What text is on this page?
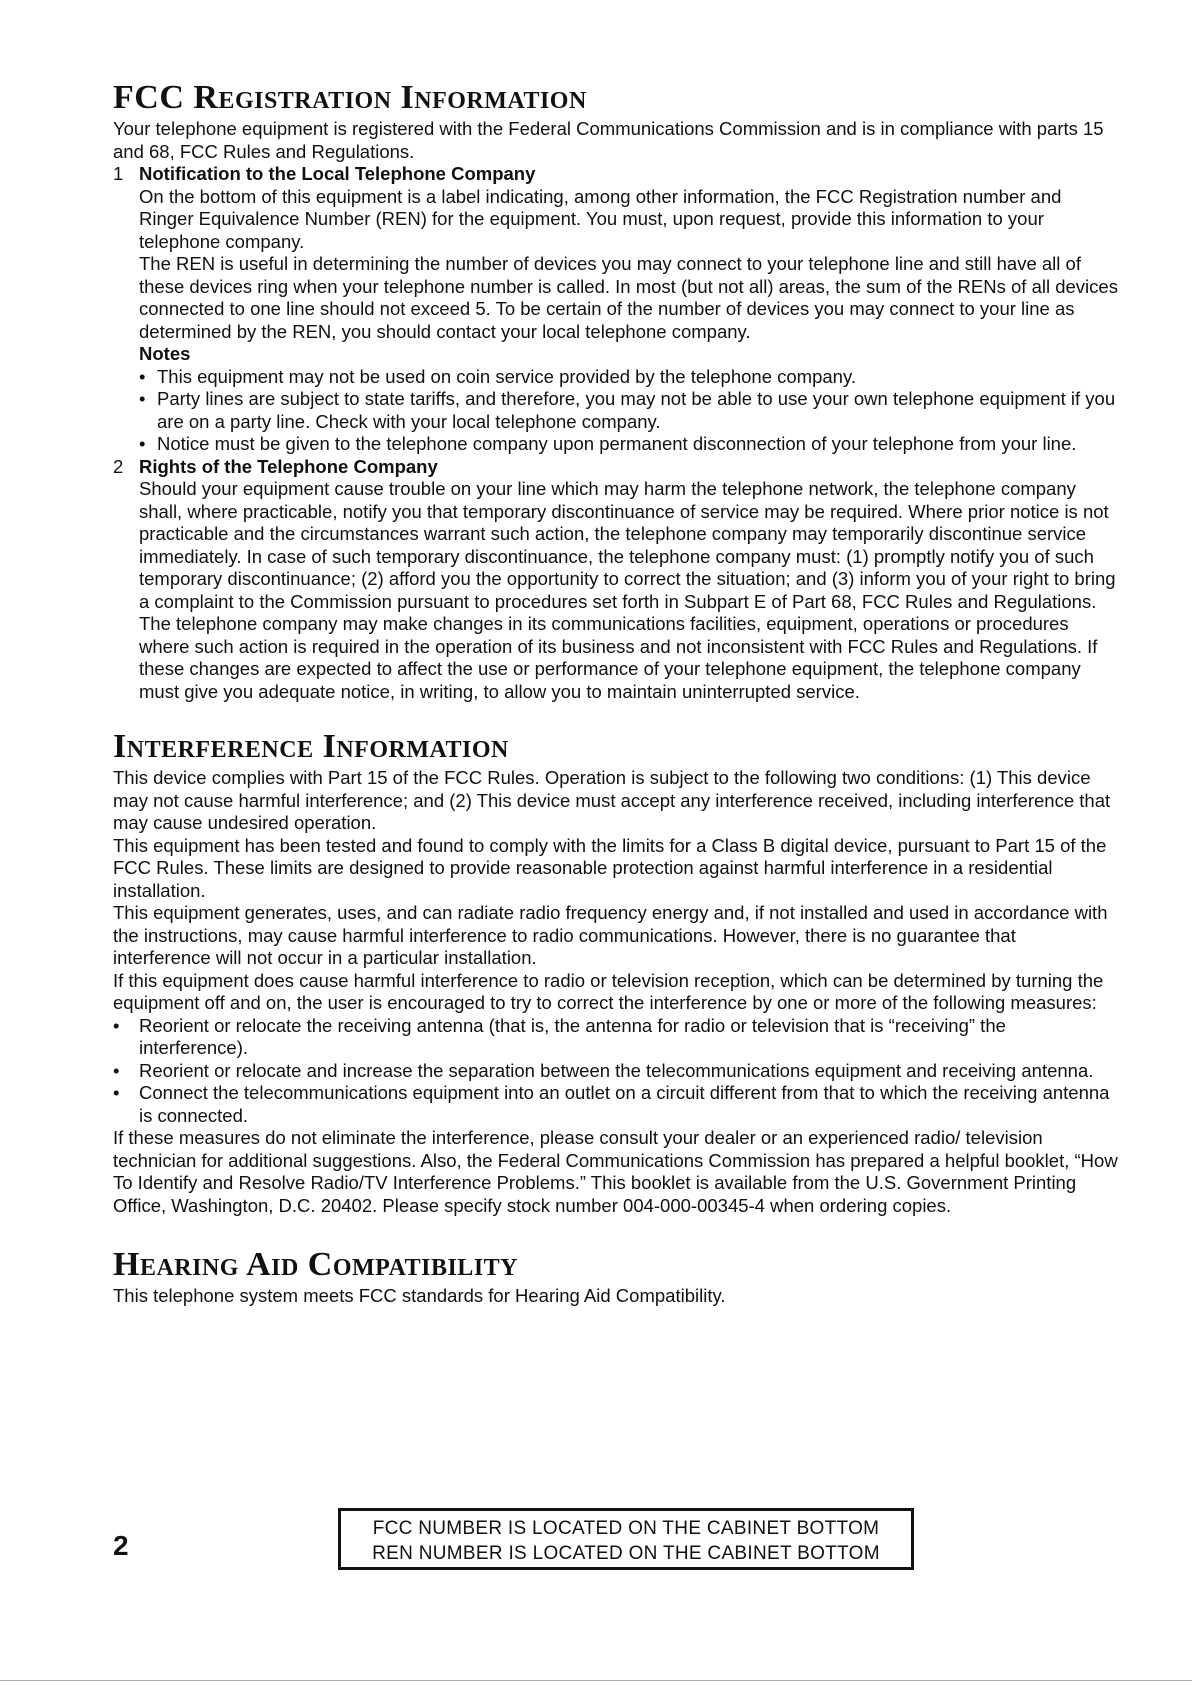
FCC Registration Information

Your telephone equipment is registered with the Federal Communications Commission and is in compliance with parts 15 and 68, FCC Rules and Regulations.

1 Notification to the Local Telephone Company

On the bottom of this equipment is a label indicating, among other information, the FCC Registration number and Ringer Equivalence Number (REN) for the equipment. You must, upon request, provide this information to your telephone company.

The REN is useful in determining the number of devices you may connect to your telephone line and still have all of these devices ring when your telephone number is called. In most (but not all) areas, the sum of the RENs of all devices connected to one line should not exceed 5. To be certain of the number of devices you may connect to your line as determined by the REN, you should contact your local telephone company.

Notes
• This equipment may not be used on coin service provided by the telephone company.
• Party lines are subject to state tariffs, and therefore, you may not be able to use your own telephone equipment if you are on a party line. Check with your local telephone company.
• Notice must be given to the telephone company upon permanent disconnection of your telephone from your line.
2 Rights of the Telephone Company

Should your equipment cause trouble on your line which may harm the telephone network, the telephone company shall, where practicable, notify you that temporary discontinuance of service may be required. Where prior notice is not practicable and the circumstances warrant such action, the telephone company may temporarily discontinue service immediately. In case of such temporary discontinuance, the telephone company must: (1) promptly notify you of such temporary discontinuance; (2) afford you the opportunity to correct the situation; and (3) inform you of your right to bring a complaint to the Commission pursuant to procedures set forth in Subpart E of Part 68, FCC Rules and Regulations.

The telephone company may make changes in its communications facilities, equipment, operations or procedures where such action is required in the operation of its business and not inconsistent with FCC Rules and Regulations. If these changes are expected to affect the use or performance of your telephone equipment, the telephone company must give you adequate notice, in writing, to allow you to maintain uninterrupted service.

Interference Information

This device complies with Part 15 of the FCC Rules. Operation is subject to the following two conditions: (1) This device may not cause harmful interference; and (2) This device must accept any interference received, including interference that may cause undesired operation.

This equipment has been tested and found to comply with the limits for a Class B digital device, pursuant to Part 15 of the FCC Rules. These limits are designed to provide reasonable protection against harmful interference in a residential installation.

This equipment generates, uses, and can radiate radio frequency energy and, if not installed and used in accordance with the instructions, may cause harmful interference to radio communications. However, there is no guarantee that interference will not occur in a particular installation.

If this equipment does cause harmful interference to radio or television reception, which can be determined by turning the equipment off and on, the user is encouraged to try to correct the interference by one or more of the following measures:

• Reorient or relocate the receiving antenna (that is, the antenna for radio or television that is “receiving” the interference).
• Reorient or relocate and increase the separation between the telecommunications equipment and receiving antenna.
• Connect the telecommunications equipment into an outlet on a circuit different from that to which the receiving antenna is connected.

If these measures do not eliminate the interference, please consult your dealer or an experienced radio/ television technician for additional suggestions. Also, the Federal Communications Commission has prepared a helpful booklet, “How To Identify and Resolve Radio/TV Interference Problems.” This booklet is available from the U.S. Government Printing Office, Washington, D.C. 20402. Please specify stock number 004-000-00345-4 when ordering copies.

Hearing Aid Compatibility

This telephone system meets FCC standards for Hearing Aid Compatibility.

2
FCC NUMBER IS LOCATED ON THE CABINET BOTTOM
REN NUMBER IS LOCATED ON THE CABINET BOTTOM
